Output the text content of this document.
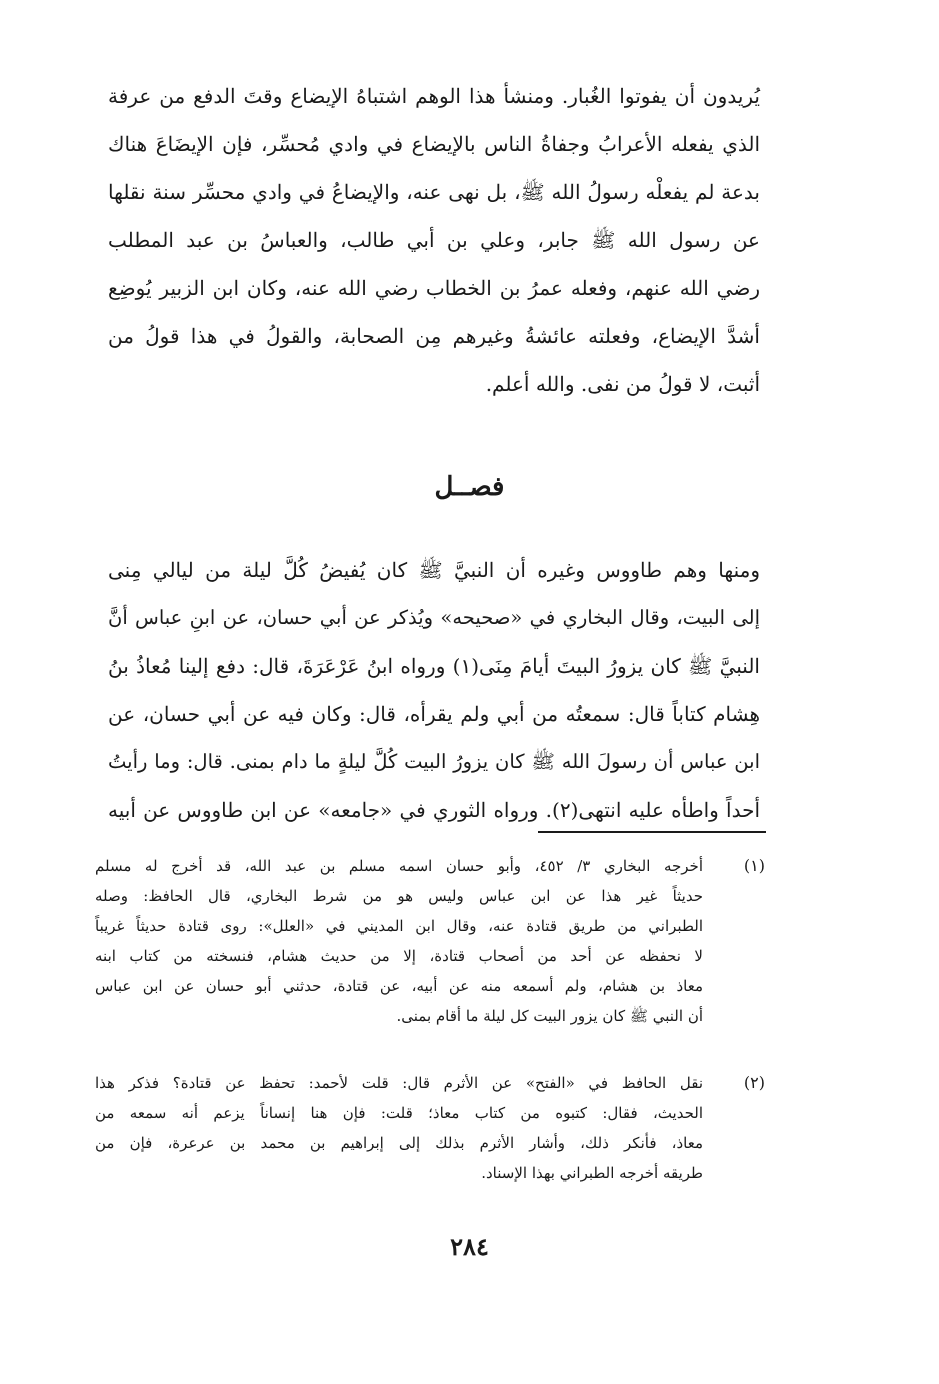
يُريدون أن يفوتوا الغُبار. ومنشأ هذا الوهم اشتباهُ الإيضاع وقتَ الدفع من عرفة
الذي يفعله الأعرابُ وجفاةُ الناس بالإيضاع في وادي مُحسِّر، فإن الإيضَاعَ هناك
بدعة لم يفعلْه رسولُ الله ﷺ، بل نهى عنه، والإيضاعُ في وادي محسِّر سنة نقلها
عن رسول الله ﷺ جابر، وعلي بن أبي طالب، والعباسُ بن عبد المطلب
رضي الله عنهم، وفعله عمرُ بن الخطاب رضي الله عنه، وكان ابن الزبير يُوضِع
أشدَّ الإيضاع، وفعلته عائشةُ وغيرهم مِن الصحابة، والقولُ في هذا قولُ من
أثبت، لا قولُ من نفى. والله أعلم.
فصــل
ومنها وهم طاووس وغيره أن النبيَّ ﷺ كان يُفيضُ كُلَّ ليلة من ليالي مِنى
إلى البيت، وقال البخاري في «صحيحه» ويُذكر عن أبي حسان، عن ابنِ عباس أنَّ
النبيَّ ﷺ كان يزورُ البيتَ أيامَ مِنَى(١) ورواه ابنُ عَرْعَرَةَ، قال: دفع إلينا مُعاذُ بنُ
هِشام كتاباً قال: سمعتُه من أبي ولم يقرأه، قال: وكان فيه عن أبي حسان، عن
ابن عباس أن رسولَ الله ﷺ كان يزورُ البيت كُلَّ ليلةٍ ما دام بمنى. قال: وما رأيتُ
أحداً واطأه عليه انتهى(٢). ورواه الثوري في «جامعه» عن ابن طاووس عن أبيه
(١)
أخرجه البخاري ٣/ ٤٥٢، وأبو حسان اسمه مسلم بن عبد الله، قد أخرج له مسلم
حديثاً غير هذا عن ابن عباس وليس هو من شرط البخاري، قال الحافظ: وصله
الطبراني من طريق قتادة عنه، وقال ابن المديني في «العلل»: روى قتادة حديثاً غريباً
لا نحفظه عن أحد من أصحاب قتادة، إلا من حديث هشام، فنسخته من كتاب ابنه
معاذ بن هشام، ولم أسمعه منه عن أبيه، عن قتادة، حدثني أبو حسان عن ابن عباس
أن النبي ﷺ كان يزور البيت كل ليلة ما أقام بمنى.
(٢)
نقل الحافظ في «الفتح» عن الأثرم قال: قلت لأحمد: تحفظ عن قتادة؟ فذكر هذا
الحديث، فقال: كتبوه من كتاب معاذ؛ قلت: فإن هنا إنساناً يزعم أنه سمعه من
معاذ، فأنكر ذلك، وأشار الأثرم بذلك إلى إبراهيم بن محمد بن عرعرة، فإن من
طريقه أخرجه الطبراني بهذا الإسناد.
٢٨٤
